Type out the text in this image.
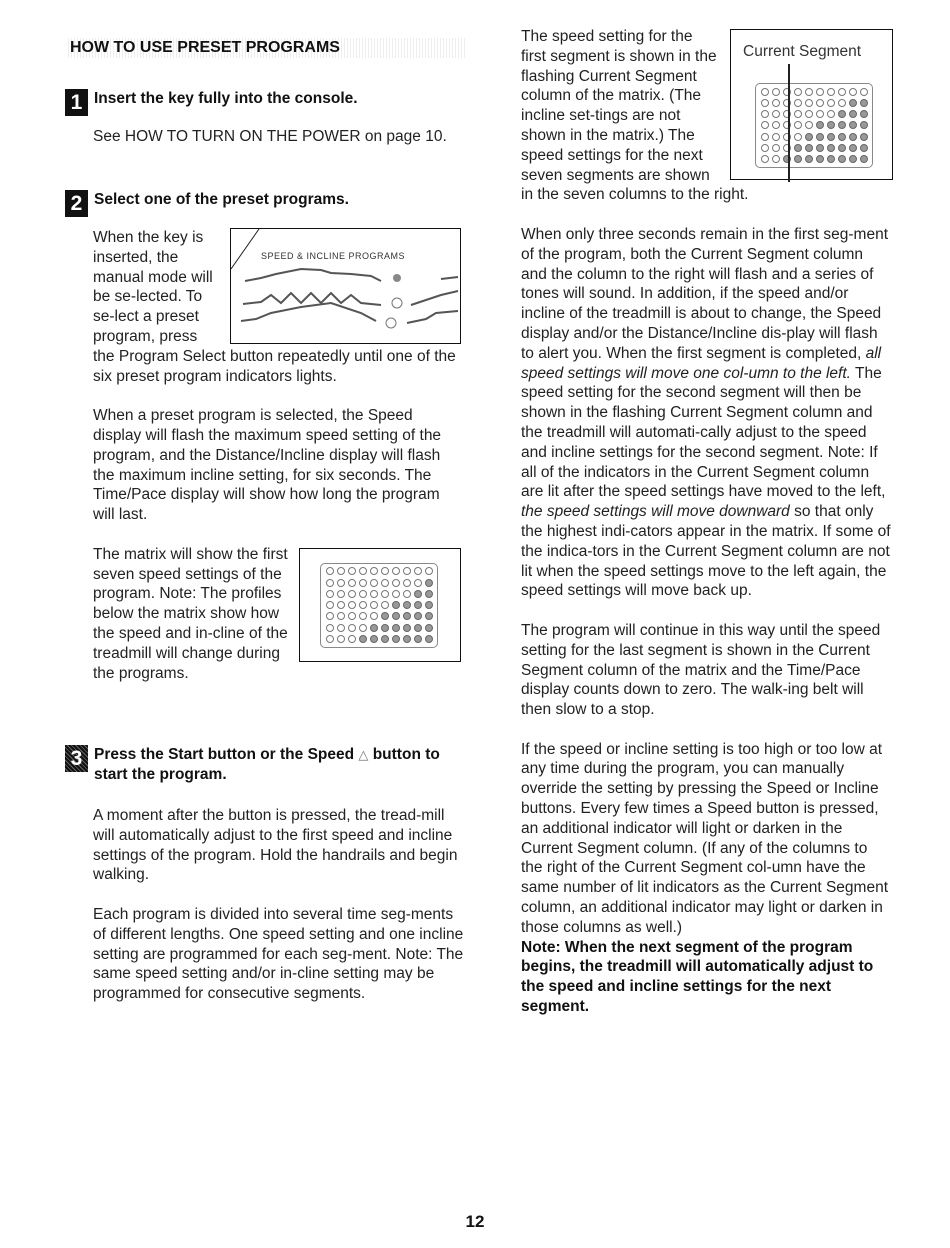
HOW TO USE PRESET PROGRAMS
1 Insert the key fully into the console.

See HOW TO TURN ON THE POWER on page 10.

2 Select one of the preset programs.
SPEED & INCLINE PROGRAMS

When the key is inserted, the manual mode will be se-lected. To se-lect a preset program, press the Program Select button repeatedly until one of the six preset program indicators lights.

When a preset program is selected, the Speed display will flash the maximum speed setting of the program, and the Distance/Incline display will flash the maximum incline setting, for six seconds. The Time/Pace display will show how long the program will last.

The matrix will show the first seven speed settings of the program. Note: The profiles below the matrix show how the speed and in-cline of the treadmill will change during the programs.

3 Press the Start button or the Speed △ button to start the program.

A moment after the button is pressed, the tread-mill will automatically adjust to the first speed and incline settings of the program. Hold the handrails and begin walking.

Each program is divided into several time seg-ments of different lengths. One speed setting and one incline setting are programmed for each seg-ment. Note: The same speed setting and/or in-cline setting may be programmed for consecutive segments.

Current Segment

The speed setting for the first segment is shown in the flashing Current Segment column of the matrix. (The incline set-tings are not shown in the matrix.) The speed settings for the next seven segments are shown in the seven columns to the right.

When only three seconds remain in the first seg-ment of the program, both the Current Segment column and the column to the right will flash and a series of tones will sound. In addition, if the speed and/or incline of the treadmill is about to change, the Speed display and/or the Distance/Incline dis-play will flash to alert you. When the first segment is completed, all speed settings will move one col-umn to the left. The speed setting for the second segment will then be shown in the flashing Current Segment column and the treadmill will automati-cally adjust to the speed and incline settings for the second segment. Note: If all of the indicators in the Current Segment column are lit after the speed settings have moved to the left, the speed settings will move downward so that only the highest indi-cators appear in the matrix. If some of the indica-tors in the Current Segment column are not lit when the speed settings move to the left again, the speed settings will move back up.

The program will continue in this way until the speed setting for the last segment is shown in the Current Segment column of the matrix and the Time/Pace display counts down to zero. The walk-ing belt will then slow to a stop.

If the speed or incline setting is too high or too low at any time during the program, you can manually override the setting by pressing the Speed or Incline buttons. Every few times a Speed button is pressed, an additional indicator will light or darken in the Current Segment column. (If any of the columns to the right of the Current Segment col-umn have the same number of lit indicators as the Current Segment column, an additional indicator may light or darken in those columns as well.)

Note: When the next segment of the program begins, the treadmill will automatically adjust to the speed and incline settings for the next segment.

12
